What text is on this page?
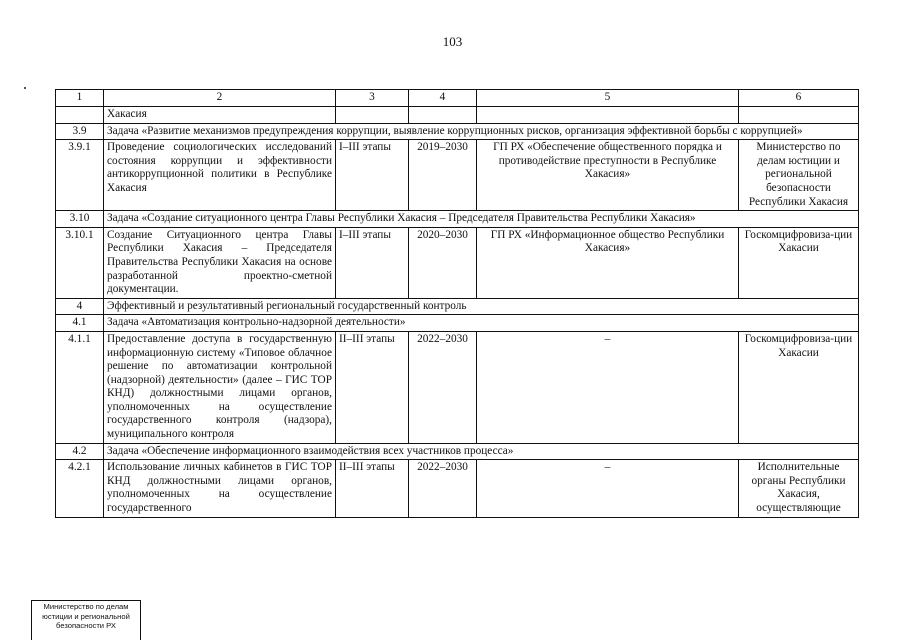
103
1	2	3	4	5	6
	Хакасия				
3.9	Задача «Развитие механизмов предупреждения коррупции, выявление коррупционных рисков, организация эффективной борьбы с коррупцией»				
3.9.1	Проведение социологических исследований состояния коррупции и эффективности антикоррупционной политики в Республике Хакасия	I–III этапы	2019–2030	ГП РХ «Обеспечение общественного порядка и противодействие преступности в Республике Хакасия»	Министерство по делам юстиции и региональной безопасности Республики Хакасия
3.10	Задача «Создание ситуационного центра Главы Республики Хакасия – Председателя Правительства Республики Хакасия»				
3.10.1	Создание Ситуационного центра Главы Республики Хакасия – Председателя Правительства Республики Хакасия на основе разработанной проектно-сметной документации.	I–III этапы	2020–2030	ГП РХ «Информационное общество Республики Хакасия»	Госкомцифровиза-ции Хакасии
4	Эффективный и результативный региональный государственный контроль				
4.1	Задача «Автоматизация контрольно-надзорной деятельности»				
4.1.1	Предоставление доступа в государственную информационную систему «Типовое облачное решение по автоматизации контрольной (надзорной) деятельности» (далее – ГИС ТОР КНД) должностными лицами органов, уполномоченных на осуществление государственного контроля (надзора), муниципального контроля	II–III этапы	2022–2030	–	Госкомцифровиза-ции Хакасии
4.2	Задача «Обеспечение информационного взаимодействия всех участников процесса»				
4.2.1	Использование личных кабинетов в ГИС ТОР КНД должностными лицами органов, уполномоченных на осуществление государственного	II–III этапы	2022–2030	–	Исполнительные органы Республики Хакасия, осуществляющие
Министерство по делам
юстиции и региональной
безопасности РХ
